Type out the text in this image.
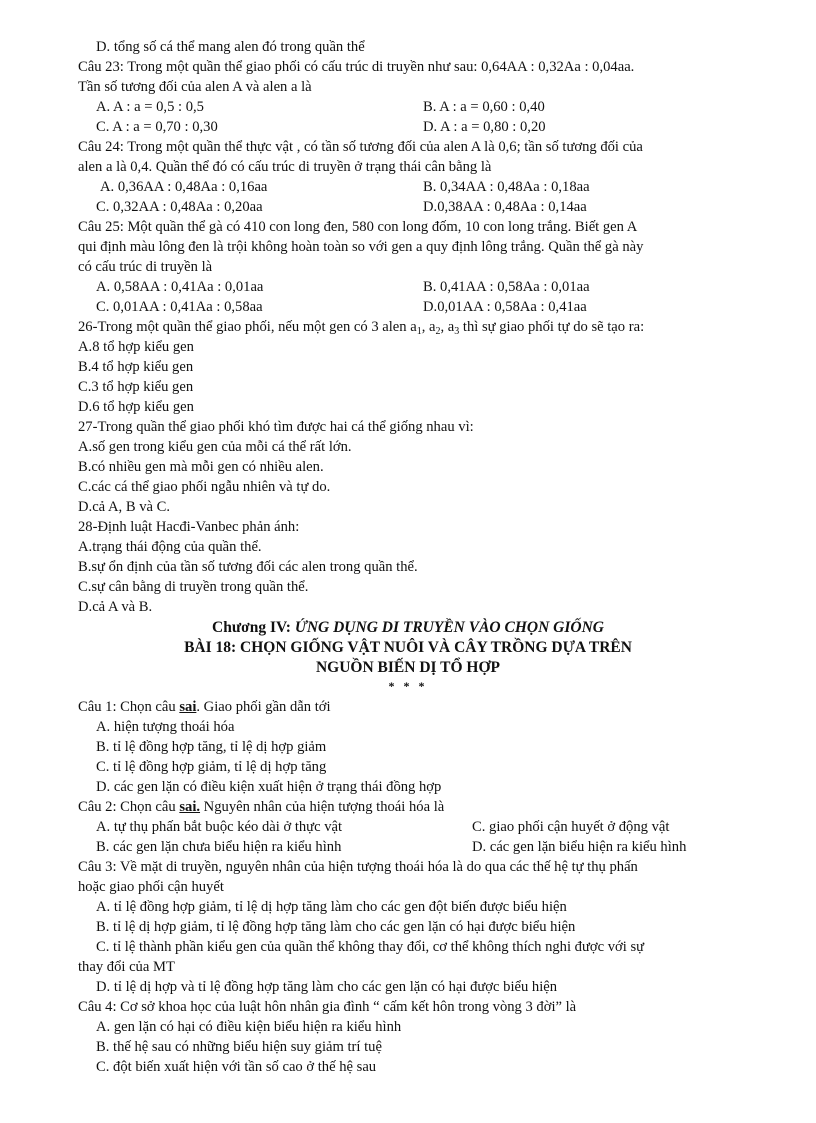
D. tổng số cá thể mang alen đó trong quần thể
Câu 23: Trong một quần thể giao phối có cấu trúc di truyền như sau: 0,64AA : 0,32Aa : 0,04aa.
Tần số tương đối của alen A và alen a là
A. A : a = 0,5 : 0,5	B. A : a = 0,60 : 0,40
C. A : a = 0,70 : 0,30	D. A : a = 0,80 : 0,20
Câu 24: Trong một quần thể thực vật , có tần số tương đối của alen A là 0,6; tần số tương đối của
alen a là 0,4. Quần thể đó có cấu trúc di truyền ở trạng thái cân bằng là
A. 0,36AA : 0,48Aa : 0,16aa	B. 0,34AA : 0,48Aa : 0,18aa
C. 0,32AA : 0,48Aa : 0,20aa	D.0,38AA : 0,48Aa : 0,14aa
Câu 25: Một quần thể gà có 410 con long đen, 580 con long đốm, 10 con long trắng. Biết gen A
qui định màu lông đen là trội không hoàn toàn so với gen a quy định lông trắng. Quần thể gà này
có cấu trúc di truyền là
A. 0,58AA : 0,41Aa : 0,01aa	B. 0,41AA : 0,58Aa : 0,01aa
C. 0,01AA : 0,41Aa : 0,58aa	D.0,01AA : 0,58Aa : 0,41aa
26-Trong một quần thể giao phối, nếu một gen có 3 alen $a_1$, $a_2$, $a_3$ thì sự giao phối tự do sẽ tạo ra:
A.8 tổ hợp kiểu gen
B.4 tổ hợp kiểu gen
C.3 tổ hợp kiểu gen
D.6 tổ hợp kiểu gen
27-Trong quần thể giao phối khó tìm được hai cá thể giống nhau vì:
A.số gen trong kiểu gen của mỗi cá thể rất lớn.
B.có nhiều gen mà mỗi gen có nhiều alen.
C.các cá thể giao phối ngẫu nhiên và tự do.
D.cả A, B và C.
28-Định luật Hacđi-Vanbec phản ánh:
A.trạng thái động của quần thể.
B.sự ổn định của tần số tương đối các alen trong quần thể.
C.sự cân bằng di truyền trong quần thể.
D.cả A và B.
Chương IV: ỨNG DỤNG DI TRUYỀN VÀO CHỌN GIỐNG
BÀI 18: CHỌN GIỐNG VẬT NUÔI VÀ CÂY TRỒNG DỰA TRÊN
NGUỒN BIẾN DỊ TỔ HỢP
* * *
Câu 1: Chọn câu sai. Giao phối gần dẫn tới
A. hiện tượng thoái hóa
B. tỉ lệ đồng hợp tăng, tỉ lệ dị hợp giảm
C. tỉ lệ đồng hợp giảm, tỉ lệ dị hợp tăng
D. các gen lặn có điều kiện xuất hiện ở trạng thái đồng hợp
Câu 2: Chọn câu sai. Nguyên nhân của hiện tượng thoái hóa là
A. tự thụ phấn bắt buộc kéo dài ở thực vật	C. giao phối cận huyết ở động vật
B. các gen lặn chưa biểu hiện ra kiểu hình	D. các gen lặn biểu hiện ra kiểu hình
Câu 3: Về mặt di truyền, nguyên nhân của hiện tượng thoái hóa là do qua các thế hệ tự thụ phấn
hoặc giao phối cận huyết
A. tỉ lệ đồng hợp giảm, tỉ lệ dị hợp tăng làm cho các gen đột biến được biểu hiện
B. tỉ lệ dị hợp giảm, tỉ lệ đồng hợp tăng làm cho các gen lặn có hại được biểu hiện
C. tỉ lệ thành phần kiểu gen của quần thể không thay đổi, cơ thể không thích nghi được với sự
thay đổi của MT
D. tỉ lệ dị hợp và tỉ lệ đồng hợp tăng làm cho các gen lặn có hại được biểu hiện
Câu 4: Cơ sở khoa học của luật hôn nhân gia đình “ cấm kết hôn trong vòng 3 đời” là
A. gen lặn có hại có điều kiện biểu hiện ra kiểu hình
B. thế hệ sau có những biểu hiện suy giảm trí tuệ
C. đột biến xuất hiện với tần số cao ở thế hệ sau
